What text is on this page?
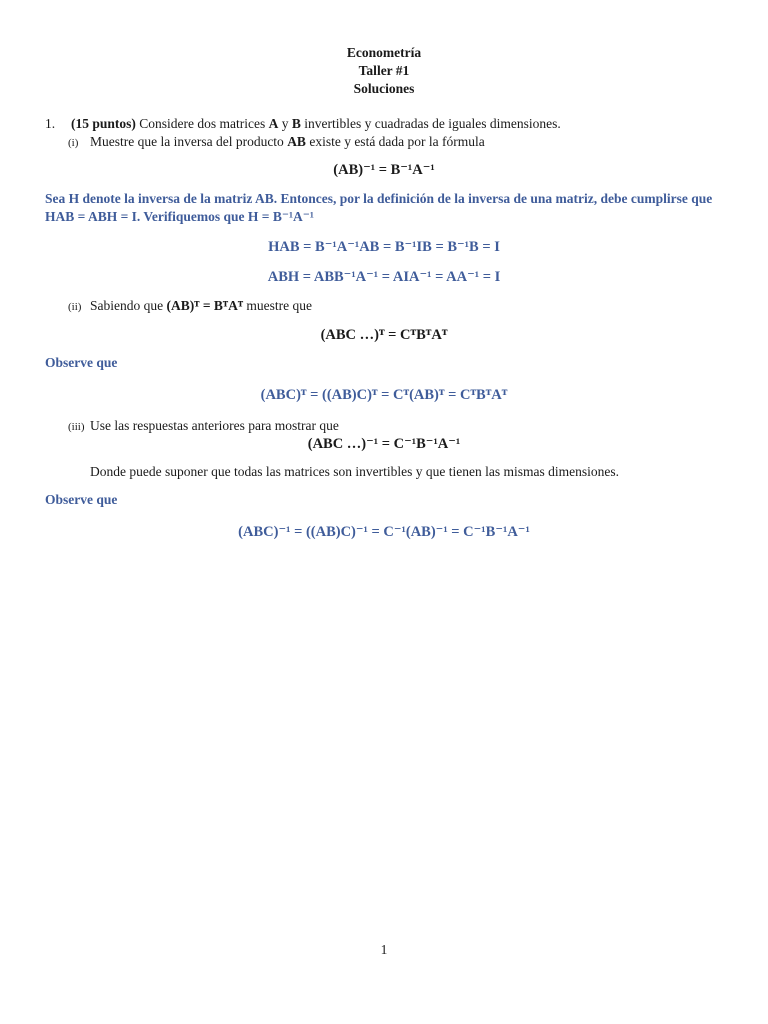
Econometría
Taller #1
Soluciones
1. (15 puntos) Considere dos matrices A y B invertibles y cuadradas de iguales dimensiones.
(i) Muestre que la inversa del producto AB existe y está dada por la fórmula
(AB)⁻¹ = B⁻¹A⁻¹
Sea H denote la inversa de la matriz AB. Entonces, por la definición de la inversa de una matriz, debe cumplirse que
HAB = ABH = I. Verifiquemos que H = B⁻¹A⁻¹
HAB = B⁻¹A⁻¹AB = B⁻¹IB = B⁻¹B = I
ABH = ABB⁻¹A⁻¹ = AIA⁻¹ = AA⁻¹ = I
(ii) Sabiendo que (AB)ᵀ = BᵀAᵀ muestre que
(ABC …)ᵀ = CᵀBᵀAᵀ
Observe que
(ABC)ᵀ = ((AB)C)ᵀ = Cᵀ(AB)ᵀ = CᵀBᵀAᵀ
(iii) Use las respuestas anteriores para mostrar que
(ABC …)⁻¹ = C⁻¹B⁻¹A⁻¹
Donde puede suponer que todas las matrices son invertibles y que tienen las mismas dimensiones.
Observe que
(ABC)⁻¹ = ((AB)C)⁻¹ = C⁻¹(AB)⁻¹ = C⁻¹B⁻¹A⁻¹
1
